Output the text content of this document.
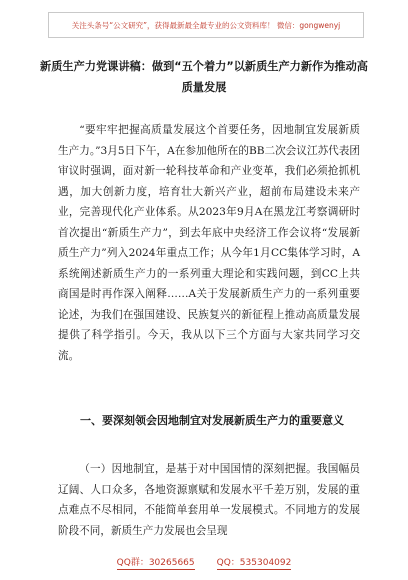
关注头条号“公文研究”，获得最新最全最专业的公文资料库！ 微信：gongwenyj
新质生产力党课讲稿：做到“五个着力”以新质生产力新作为推动高质量发展
“要牢牢把握高质量发展这个首要任务，因地制宜发展新质生产力。”3月5日下午，A在参加他所在的BB二次会议江苏代表团审议时强调，面对新一轮科技革命和产业变革，我们必须抢抓机遇，加大创新力度，培育壮大新兴产业，超前布局建设未来产业，完善现代化产业体系。从2023年9月A在黑龙江考察调研时首次提出“新质生产力”，到去年底中央经济工作会议将“发展新质生产力”列入2024年重点工作；从今年1月CC集体学习时，A系统阐述新质生产力的一系列重大理论和实践问题，到CC上共商国是时再作深入阐释……A关于发展新质生产力的一系列重要论述，为我们在强国建设、民族复兴的新征程上推动高质量发展提供了科学指引。今天，我从以下三个方面与大家共同学习交流。
一、要深刻领会因地制宜对发展新质生产力的重要意义
（一）因地制宜，是基于对中国国情的深刻把握。我国幅员辽阔、人口众多，各地资源禀赋和发展水平千差万别，发展的重点难点不尽相同，不能简单套用单一发展模式。不同地方的发展阶段不同，新质生产力发展也会呈现
QQ群：30265665 QQ：535304092
